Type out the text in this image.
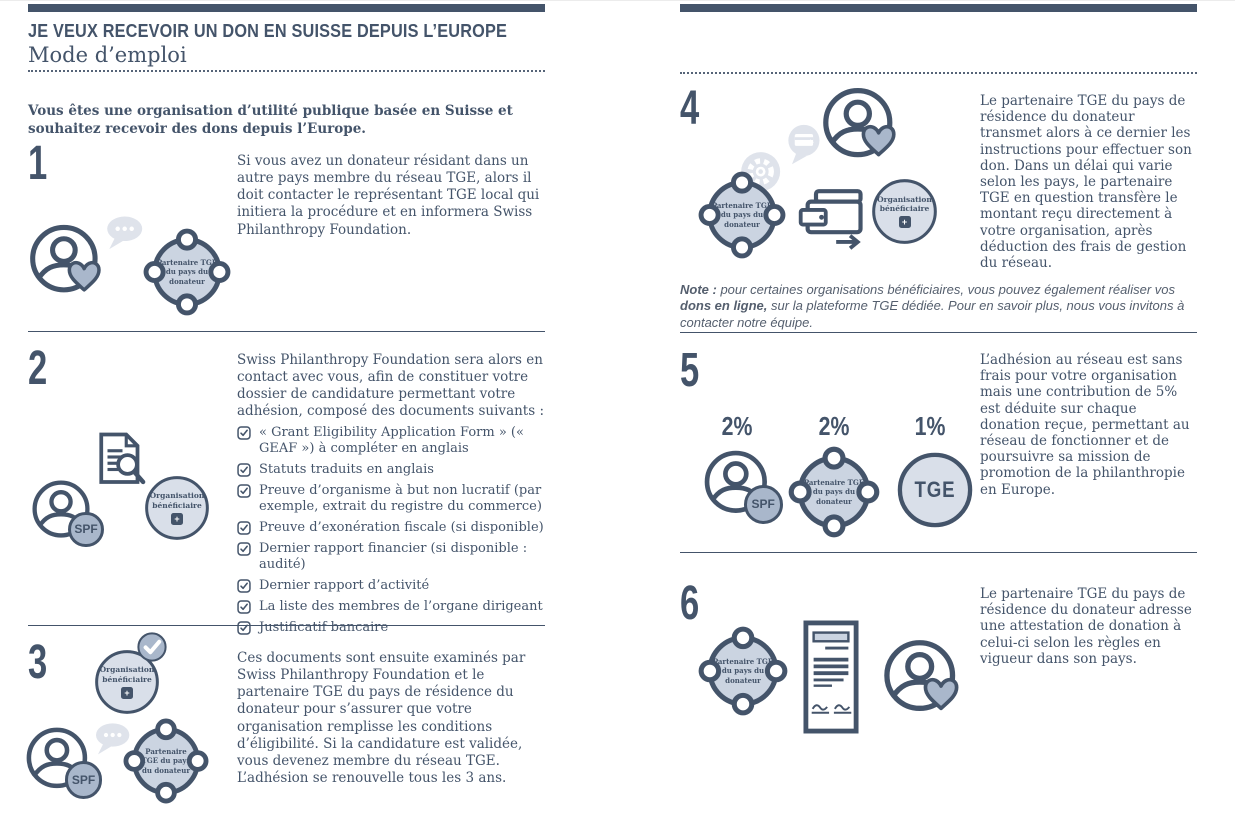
JE VEUX RECEVOIR UN DON EN SUISSE DEPUIS L’EUROPE
Mode d’emploi
Vous êtes une organisation d’utilité publique basée en Suisse et souhaitez recevoir des dons depuis l’Europe.
1	Si vous avez un donateur résidant dans un autre pays membre du réseau TGE, alors il doit contacter le représentant TGE local qui initiera la procédure et en informera Swiss Philanthropy Foundation.
Partenaire TGE du pays du donateur
2	Swiss Philanthropy Foundation sera alors en contact avec vous, afin de constituer votre dossier de candidature permettant votre adhésion, composé des documents suivants :
« Grant Eligibility Application Form » (« GEAF ») à compléter en anglais
Statuts traduits en anglais
Preuve d’organisme à but non lucratif (par exemple, extrait du registre du commerce)
Preuve d’exonération fiscale (si disponible)
Dernier rapport financier (si disponible : audité)
Dernier rapport d’activité
La liste des membres de l’organe dirigeant
Justificatif bancaire
SPF
Organisation bénéficiaire
+
3	Ces documents sont ensuite examinés par Swiss Philanthropy Foundation et le partenaire TGE du pays de résidence du donateur pour s’assurer que votre organisation remplisse les conditions d’éligibilité. Si la candidature est validée, vous devenez membre du réseau TGE. L’adhésion se renouvelle tous les 3 ans.
Organisation bénéficiaire
+
SPF
Partenaire TGE du pays du donateur
4	Le partenaire TGE du pays de résidence du donateur transmet alors à ce dernier les instructions pour effectuer son don. Dans un délai qui varie selon les pays, le partenaire TGE en question transfère le montant reçu directement à votre organisation, après déduction des frais de gestion du réseau.
Partenaire TGE du pays du donateur
Organisation bénéficiaire
+
Note : pour certaines organisations bénéficiaires, vous pouvez également réaliser vos dons en ligne, sur la plateforme TGE dédiée. Pour en savoir plus, nous vous invitons à contacter notre équipe.
5	L’adhésion au réseau est sans frais pour votre organisation mais une contribution de 5% est déduite sur chaque donation reçue, permettant au réseau de fonctionner et de poursuivre sa mission de promotion de la philanthropie en Europe.
2%	2%	1%
SPF
Partenaire TGE du pays du donateur	TGE
6	Le partenaire TGE du pays de résidence du donateur adresse une attestation de donation à celui-ci selon les règles en vigueur dans son pays.
Partenaire TGE du pays du donateur
